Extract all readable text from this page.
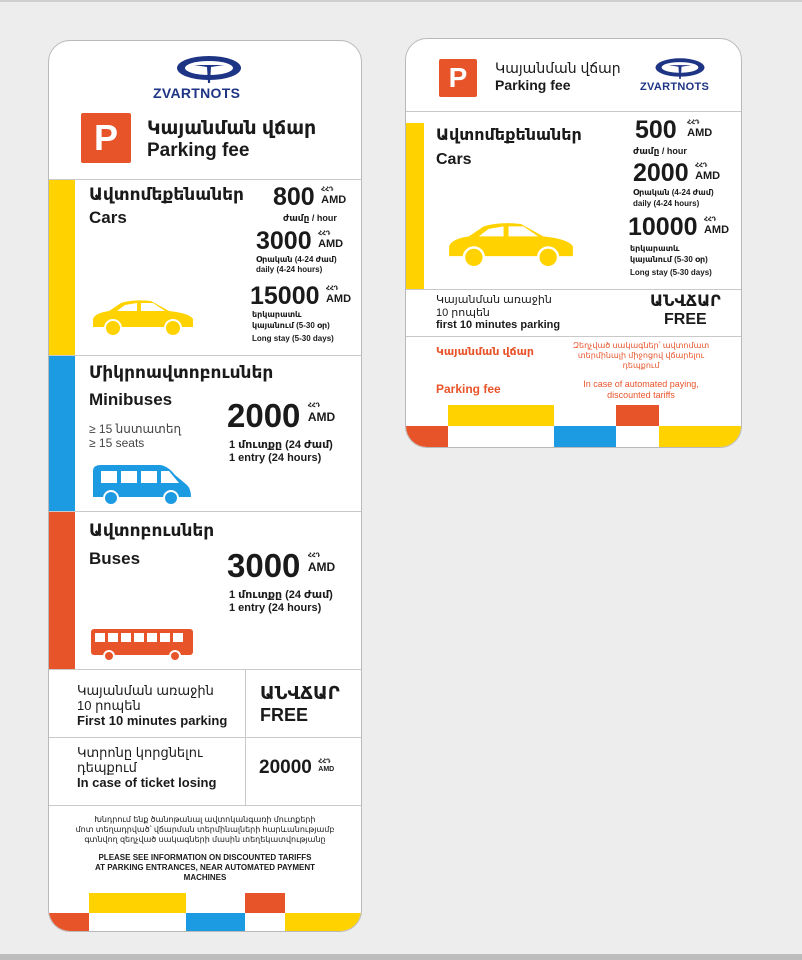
ZVARTNOTS
P	Կայանման վճար
Parking fee
Ավտոմեքենաներ
Cars
800 ՀՀԴ
AMD
ժամը / hour
3000 ՀՀԴ
AMD
Օրական (4-24 ժամ)
daily (4-24 hours)
15000 ՀՀԴ
AMD
երկարատև
կայանում (5-30 օր)
Long stay (5-30 days)
Միկրոավտոբուսներ
Minibuses
≥ 15 նստատեղ
≥ 15 seats
2000 ՀՀԴ
AMD
1 մուտքը (24 ժամ)
1 entry (24 hours)
Ավտոբուսներ
Buses	3000 ՀՀԴ
AMD
1 մուտքը (24 ժամ)
1 entry (24 hours)
Կայանման առաջին
10 րոպեն
First 10 minutes parking
ԱՆՎՃԱՐ
FREE
Կտրոնը կորցնելու
դեպքում
In case of ticket losing
20000 ՀՀԴ
AMD
Խնդրում ենք ծանոթանալ ավտոկանգառի մուտքերի
մոտ տեղադրված՝ վճարման տերմինալների հարևանությամբ
գտնվող զեղչված սակագների մասին տեղեկատվությանը
PLEASE SEE INFORMATION ON DISCOUNTED TARIFFS
AT PARKING ENTRANCES, NEAR AUTOMATED PAYMENT
MACHINES
P	Կայանման վճար
Parking fee	ZVARTNOTS
Ավտոմեքենաներ
Cars
500 ՀՀԴ
AMD
ժամը / hour
2000 ՀՀԴ
AMD
Օրական (4-24 ժամ)
daily (4-24 hours)
10000 ՀՀԴ
AMD
երկարատև
կայանում (5-30 օր)
Long stay (5-30 days)
Կայանման առաջին
10 րոպեն
first 10 minutes parking
ԱՆՎՃԱՐ
FREE
Կայանման վճար
Parking fee
Զեղչված սակագներ՝ ավտոմատ
տերմինալի միջոցով վճարելու
դեպքում
In case of automated paying,
discounted tariffs
